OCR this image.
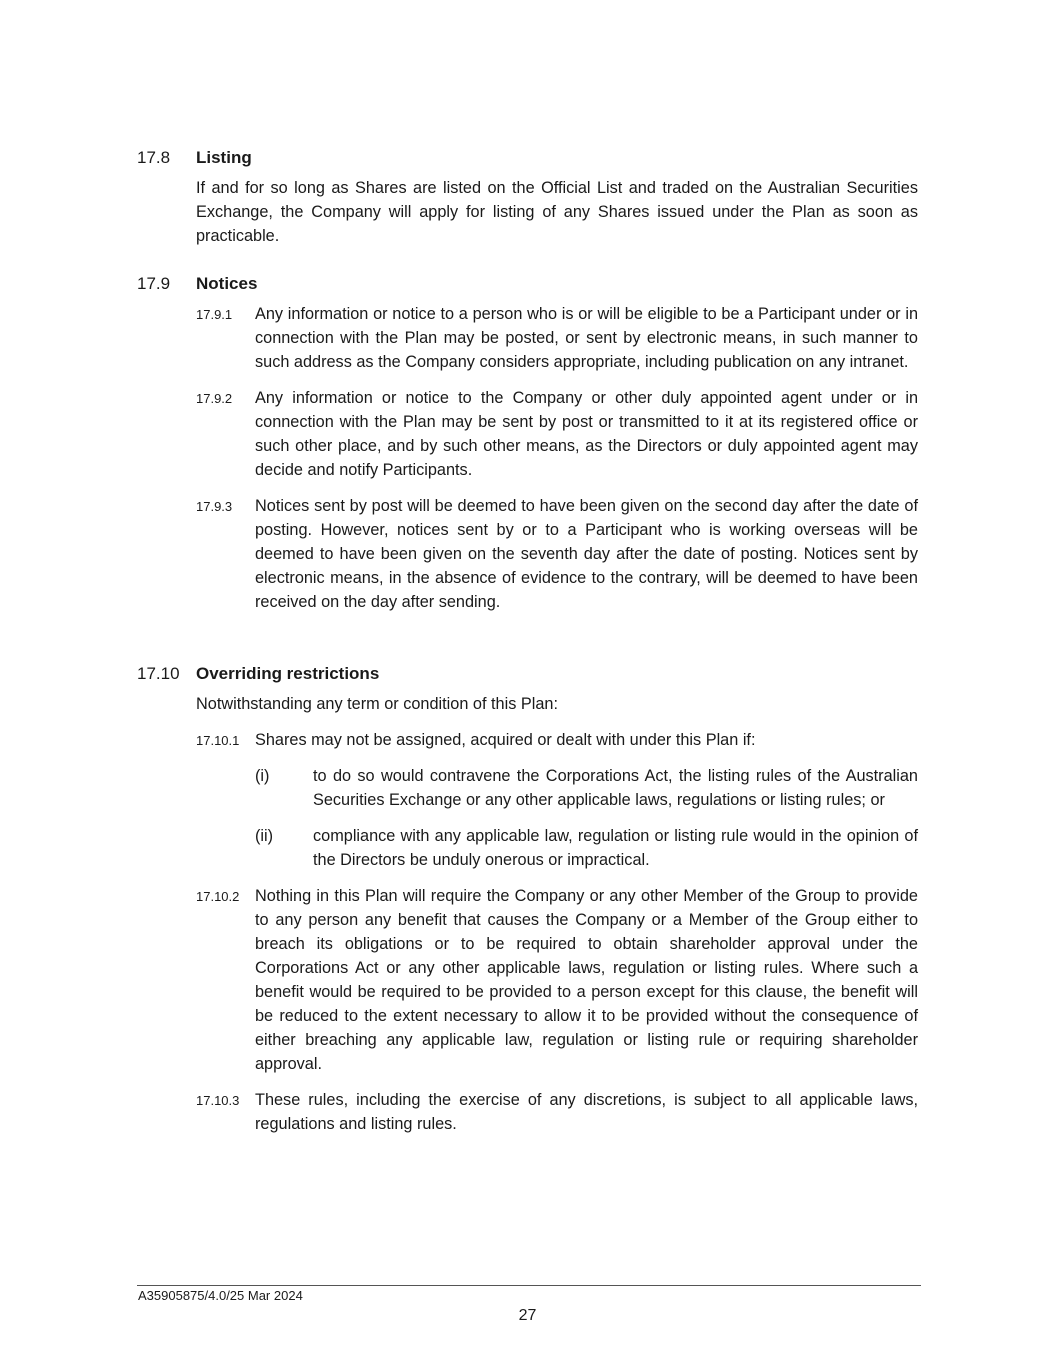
17.8 Listing
If and for so long as Shares are listed on the Official List and traded on the Australian Securities Exchange, the Company will apply for listing of any Shares issued under the Plan as soon as practicable.
17.9 Notices
17.9.1 Any information or notice to a person who is or will be eligible to be a Participant under or in connection with the Plan may be posted, or sent by electronic means, in such manner to such address as the Company considers appropriate, including publication on any intranet.
17.9.2 Any information or notice to the Company or other duly appointed agent under or in connection with the Plan may be sent by post or transmitted to it at its registered office or such other place, and by such other means, as the Directors or duly appointed agent may decide and notify Participants.
17.9.3 Notices sent by post will be deemed to have been given on the second day after the date of posting. However, notices sent by or to a Participant who is working overseas will be deemed to have been given on the seventh day after the date of posting. Notices sent by electronic means, in the absence of evidence to the contrary, will be deemed to have been received on the day after sending.
17.10 Overriding restrictions
Notwithstanding any term or condition of this Plan:
17.10.1 Shares may not be assigned, acquired or dealt with under this Plan if:
(i)	to do so would contravene the Corporations Act, the listing rules of the Australian Securities Exchange or any other applicable laws, regulations or listing rules; or
(ii) compliance with any applicable law, regulation or listing rule would in the opinion of the Directors be unduly onerous or impractical.
17.10.2 Nothing in this Plan will require the Company or any other Member of the Group to provide to any person any benefit that causes the Company or a Member of the Group either to breach its obligations or to be required to obtain shareholder approval under the Corporations Act or any other applicable laws, regulation or listing rules. Where such a benefit would be required to be provided to a person except for this clause, the benefit will be reduced to the extent necessary to allow it to be provided without the consequence of either breaching any applicable law, regulation or listing rule or requiring shareholder approval.
17.10.3 These rules, including the exercise of any discretions, is subject to all applicable laws, regulations and listing rules.
A35905875/4.0/25 Mar 2024
27
